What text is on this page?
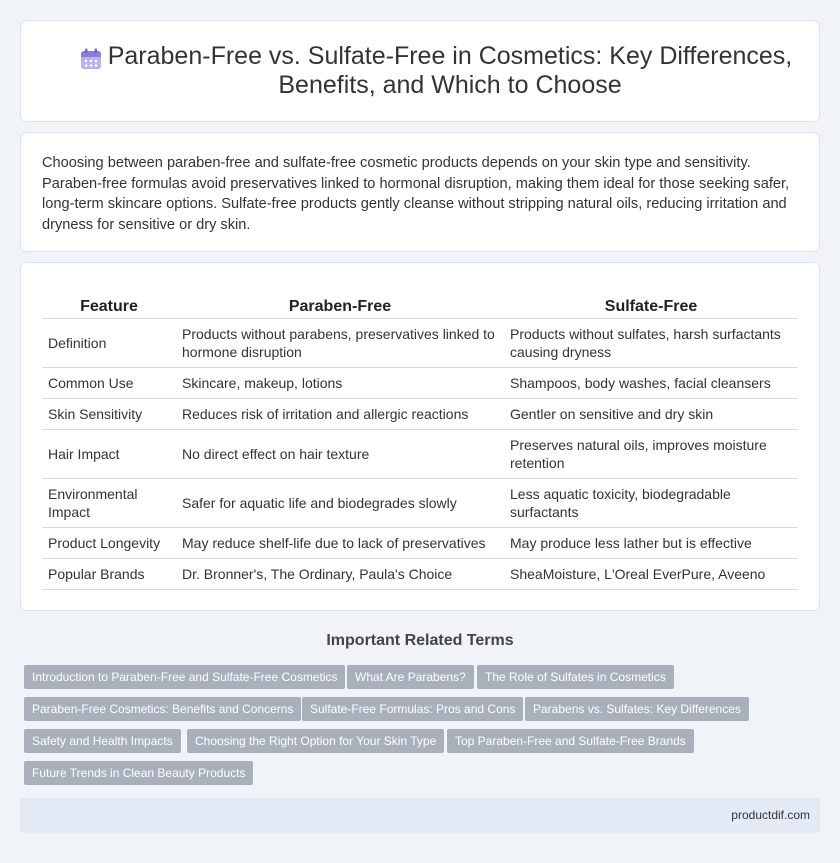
Paraben-Free vs. Sulfate-Free in Cosmetics: Key Differences, Benefits, and Which to Choose

Choosing between paraben-free and sulfate-free cosmetic products depends on your skin type and sensitivity. Paraben-free formulas avoid preservatives linked to hormonal disruption, making them ideal for those seeking safer, long-term skincare options. Sulfate-free products gently cleanse without stripping natural oils, reducing irritation and dryness for sensitive or dry skin.

Feature	Paraben-Free	Sulfate-Free
Definition	Products without parabens, preservatives linked to hormone disruption	Products without sulfates, harsh surfactants causing dryness
Common Use	Skincare, makeup, lotions	Shampoos, body washes, facial cleansers
Skin Sensitivity	Reduces risk of irritation and allergic reactions	Gentler on sensitive and dry skin
Hair Impact	No direct effect on hair texture	Preserves natural oils, improves moisture retention
Environmental Impact	Safer for aquatic life and biodegrades slowly	Less aquatic toxicity, biodegradable surfactants
Product Longevity	May reduce shelf-life due to lack of preservatives	May produce less lather but is effective
Popular Brands	Dr. Bronner's, The Ordinary, Paula's Choice	SheaMoisture, L'Oreal EverPure, Aveeno
Important Related Terms
Introduction to Paraben-Free and Sulfate-Free Cosmetics	What Are Parabens?	The Role of Sulfates in Cosmetics
Paraben-Free Cosmetics: Benefits and Concerns	Sulfate-Free Formulas: Pros and Cons	Parabens vs. Sulfates: Key Differences
Safety and Health Impacts	Choosing the Right Option for Your Skin Type	Top Paraben-Free and Sulfate-Free Brands
Future Trends in Clean Beauty Products
productdif.com
